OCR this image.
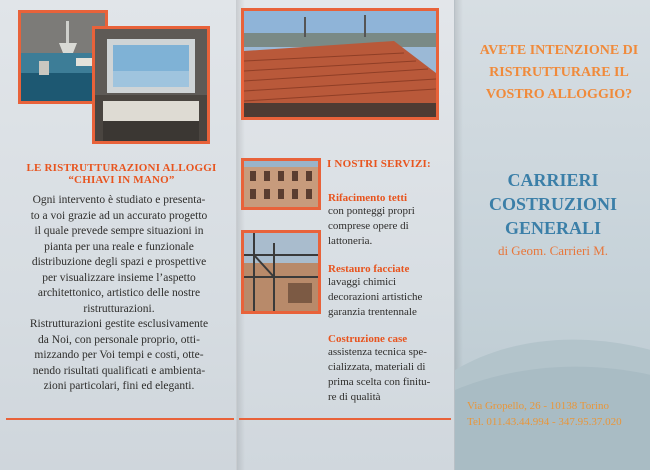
LE RISTRUTTURAZIONI ALLOGGI
“CHIAVI IN MANO”
Ogni intervento è studiato e presenta-
to a voi grazie ad un accurato progetto
il quale prevede sempre situazioni in
pianta per una reale e funzionale
distribuzione degli spazi e prospettive
per visualizzare insieme l’aspetto
architettonico, artistico delle nostre
ristrutturazioni.
Ristrutturazioni gestite esclusivamente
da Noi, con personale proprio, otti-
mizzando per Voi tempi e costi, otte-
nendo risultati qualificati e ambienta-
zioni particolari, fini ed eleganti.
I NOSTRI SERVIZI:
Rifacimento tetti
con ponteggi propri
comprese opere di
lattoneria.
Restauro facciate
lavaggi chimici
decorazioni artistiche
garanzia trentennale
Costruzione case
assistenza tecnica spe-
cializzata, materiali di
prima scelta con finitu-
re di qualità
AVETE INTENZIONE DI
RISTRUTTURARE IL
VOSTRO ALLOGGIO?
CARRIERI
COSTRUZIONI
GENERALI
di Geom. Carrieri M.
Via Gropello, 26 - 10138 Torino
Tel. 011.43.44.994 - 347.95.37.020
